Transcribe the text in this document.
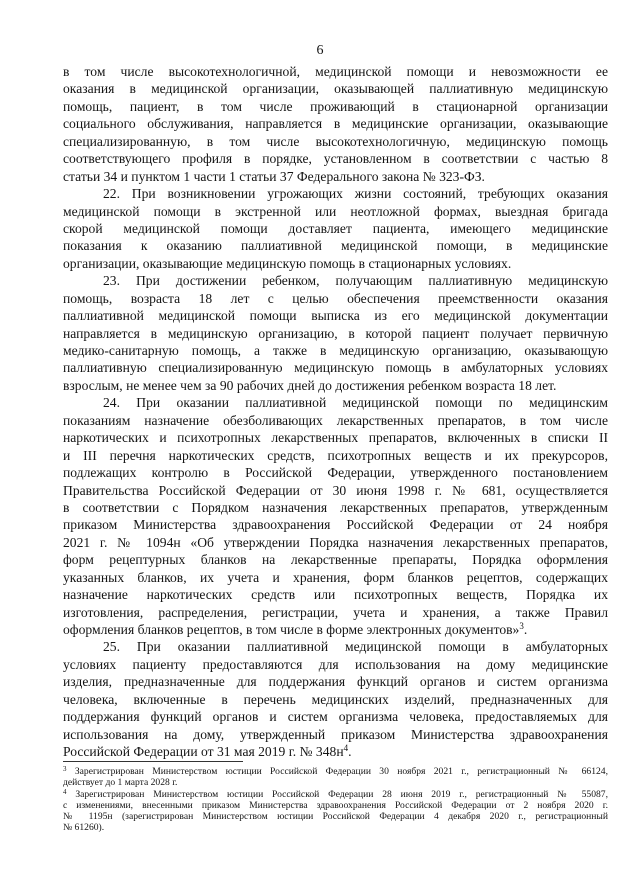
6
в том числе высокотехнологичной, медицинской помощи и невозможности ее
оказания в медицинской организации, оказывающей паллиативную медицинскую
помощь, пациент, в том числе проживающий в стационарной организации
социального обслуживания, направляется в медицинские организации, оказывающие
специализированную, в том числе высокотехнологичную, медицинскую помощь
соответствующего профиля в порядке, установленном в соответствии с частью 8
статьи 34 и пунктом 1 части 1 статьи 37 Федерального закона № 323-ФЗ.
22. При возникновении угрожающих жизни состояний, требующих оказания
медицинской помощи в экстренной или неотложной формах, выездная бригада
скорой медицинской помощи доставляет пациента, имеющего медицинские
показания к оказанию паллиативной медицинской помощи, в медицинские
организации, оказывающие медицинскую помощь в стационарных условиях.
23. При достижении ребенком, получающим паллиативную медицинскую
помощь, возраста 18 лет с целью обеспечения преемственности оказания
паллиативной медицинской помощи выписка из его медицинской документации
направляется в медицинскую организацию, в которой пациент получает первичную
медико-санитарную помощь, а также в медицинскую организацию, оказывающую
паллиативную специализированную медицинскую помощь в амбулаторных условиях
взрослым, не менее чем за 90 рабочих дней до достижения ребенком возраста 18 лет.
24. При оказании паллиативной медицинской помощи по медицинским
показаниям назначение обезболивающих лекарственных препаратов, в том числе
наркотических и психотропных лекарственных препаратов, включенных в списки II
и III перечня наркотических средств, психотропных веществ и их прекурсоров,
подлежащих контролю в Российской Федерации, утвержденного постановлением
Правительства Российской Федерации от 30 июня 1998 г. № 681, осуществляется
в соответствии с Порядком назначения лекарственных препаратов, утвержденным
приказом Министерства здравоохранения Российской Федерации от 24 ноября
2021 г. № 1094н «Об утверждении Порядка назначения лекарственных препаратов,
форм рецептурных бланков на лекарственные препараты, Порядка оформления
указанных бланков, их учета и хранения, форм бланков рецептов, содержащих
назначение наркотических средств или психотропных веществ, Порядка их
изготовления, распределения, регистрации, учета и хранения, а также Правил
оформления бланков рецептов, в том числе в форме электронных документов»$^3$.
25. При оказании паллиативной медицинской помощи в амбулаторных
условиях пациенту предоставляются для использования на дому медицинские
изделия, предназначенные для поддержания функций органов и систем организма
человека, включенные в перечень медицинских изделий, предназначенных для
поддержания функций органов и систем организма человека, предоставляемых для
использования на дому, утвержденный приказом Министерства здравоохранения
Российской Федерации от 31 мая 2019 г. № $348н^4$.
$^3$ Зарегистрирован Министерством юстиции Российской Федерации 30 ноября 2021 г., регистрационный № 66124,
действует до 1 марта 2028 г.
$^4$ Зарегистрирован Министерством юстиции Российской Федерации 28 июня 2019 г., регистрационный № 55087,
с изменениями, внесенными приказом Министерства здравоохранения Российской Федерации от 2 ноября 2020 г.
№ 1195н (зарегистрирован Министерством юстиции Российской Федерации 4 декабря 2020 г., регистрационный
№ 61260).
